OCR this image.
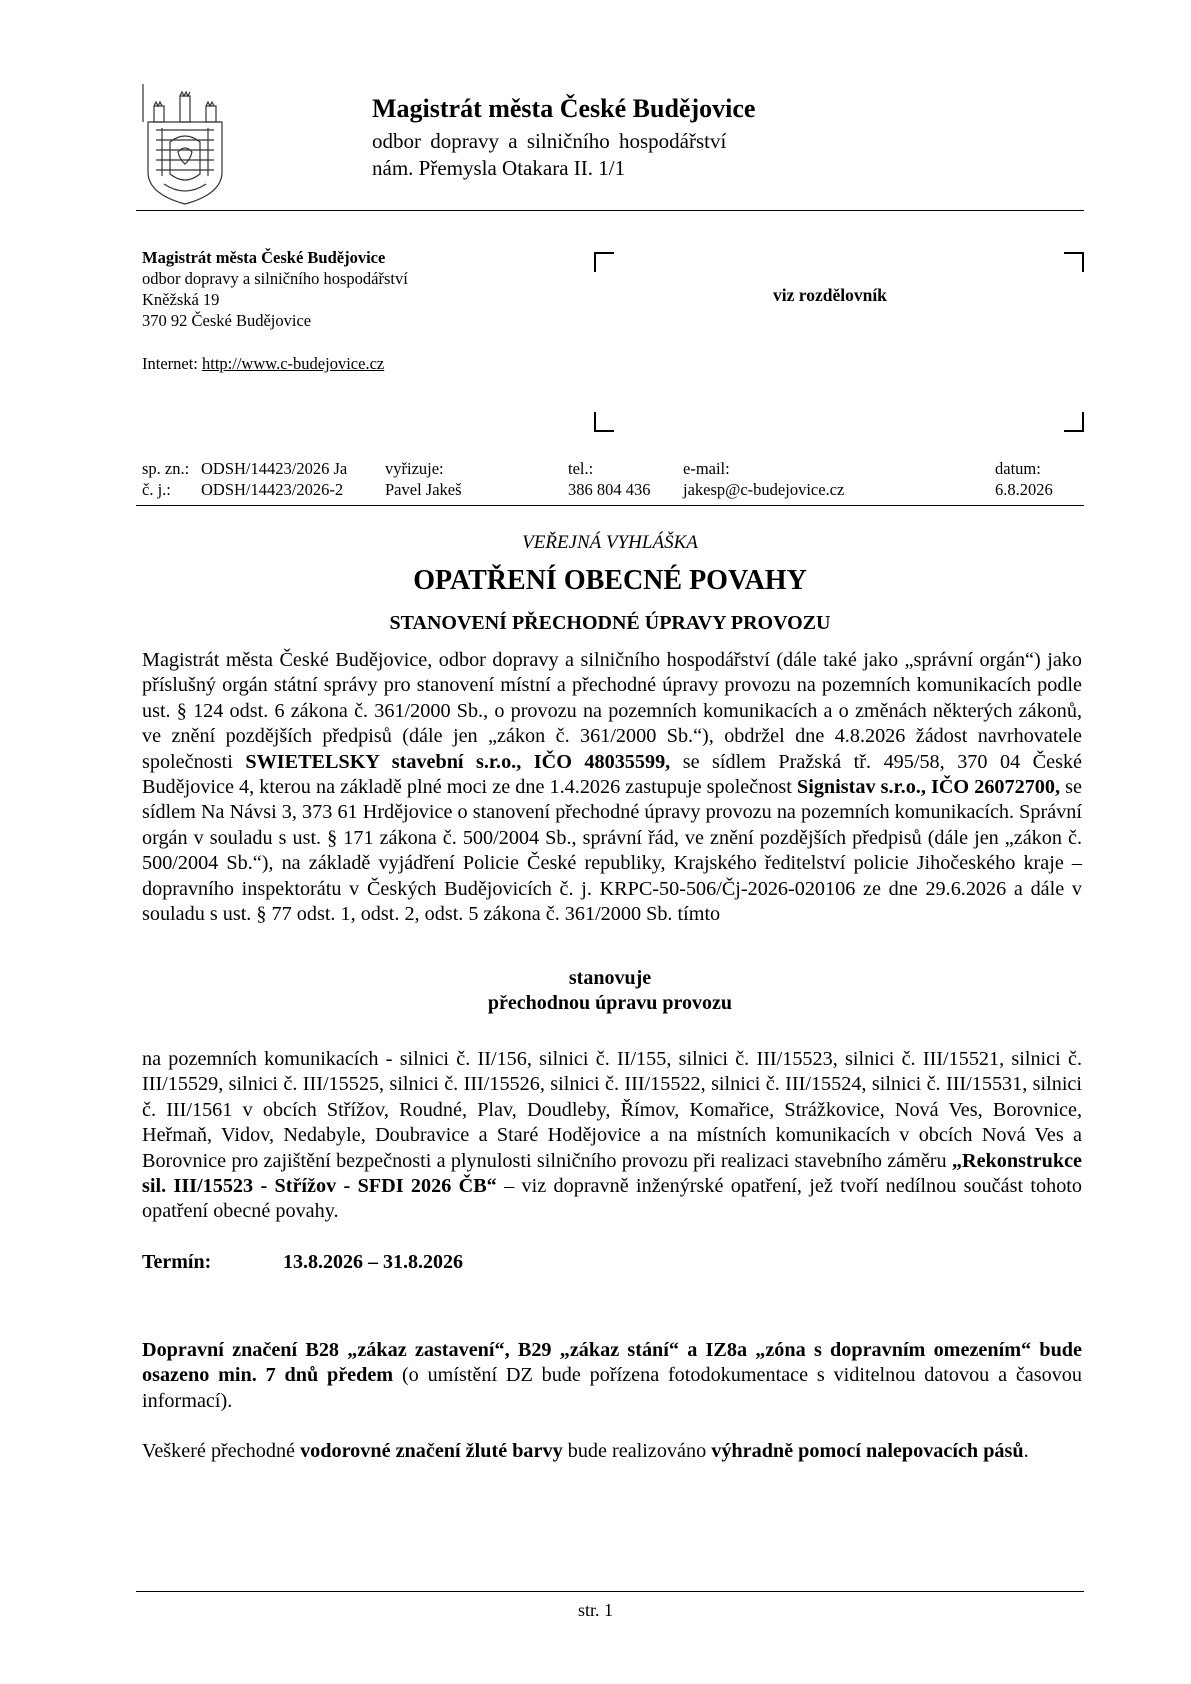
Magistrát města České Budějovice
odbor dopravy a silničního hospodářství
nám. Přemysla Otakara II. 1/1
Magistrát města České Budějovice
odbor dopravy a silničního hospodářství
Kněžská 19
370 92 České Budějovice
Internet: http://www.c-budejovice.cz
viz rozdělovník
sp. zn.:
č. j.:
ODSH/14423/2026 Ja
ODSH/14423/2026-2
vyřizuje:
Pavel Jakeš
tel.:
386 804 436
e-mail:
jakesp@c-budejovice.cz
datum:
6.8.2026
VEŘEJNÁ VYHLÁŠKA
OPATŘENÍ OBECNÉ POVAHY
STANOVENÍ PŘECHODNÉ ÚPRAVY PROVOZU
Magistrát města České Budějovice, odbor dopravy a silničního hospodářství (dále také jako „správní orgán“) jako příslušný orgán státní správy pro stanovení místní a přechodné úpravy provozu na pozemních komunikacích podle ust. § 124 odst. 6 zákona č. 361/2000 Sb., o provozu na pozemních komunikacích a o změnách některých zákonů, ve znění pozdějších předpisů (dále jen „zákon č. 361/2000 Sb.“), obdržel dne 4.8.2026 žádost navrhovatele společnosti SWIETELSKY stavební s.r.o., IČO 48035599, se sídlem Pražská tř. 495/58, 370 04 České Budějovice 4, kterou na základě plné moci ze dne 1.4.2026 zastupuje společnost Signistav s.r.o., IČO 26072700, se sídlem Na Návsi 3, 373 61 Hrdějovice o stanovení přechodné úpravy provozu na pozemních komunikacích. Správní orgán v souladu s ust. § 171 zákona č. 500/2004 Sb., správní řád, ve znění pozdějších předpisů (dále jen „zákon č. 500/2004 Sb.“), na základě vyjádření Policie České republiky, Krajského ředitelství policie Jihočeského kraje – dopravního inspektorátu v Českých Budějovicích č. j. KRPC-50-506/Čj-2026-020106 ze dne 29.6.2026 a dále v souladu s ust. § 77 odst. 1, odst. 2, odst. 5 zákona č. 361/2000 Sb. tímto
stanovuje
přechodnou úpravu provozu
na pozemních komunikacích - silnici č. II/156, silnici č. II/155, silnici č. III/15523, silnici č. III/15521, silnici č. III/15529, silnici č. III/15525, silnici č. III/15526, silnici č. III/15522, silnici č. III/15524, silnici č. III/15531, silnici č. III/1561 v obcích Střížov, Roudné, Plav, Doudleby, Římov, Komařice, Strážkovice, Nová Ves, Borovnice, Heřmaň, Vidov, Nedabyle, Doubravice a Staré Hodějovice a na místních komunikacích v obcích Nová Ves a Borovnice pro zajištění bezpečnosti a plynulosti silničního provozu při realizaci stavebního záměru „Rekonstrukce sil. III/15523 - Střížov - SFDI 2026 ČB“ – viz dopravně inženýrské opatření, jež tvoří nedílnou součást tohoto opatření obecné povahy.
Termín:	13.8.2026 – 31.8.2026
Dopravní značení B28 „zákaz zastavení“, B29 „zákaz stání“ a IZ8a „zóna s dopravním omezením“ bude osazeno min. 7 dnů předem (o umístění DZ bude pořízena fotodokumentace s viditelnou datovou a časovou informací).
Veškeré přechodné vodorovné značení žluté barvy bude realizováno výhradně pomocí nalepovacích pásů.
str. 1
